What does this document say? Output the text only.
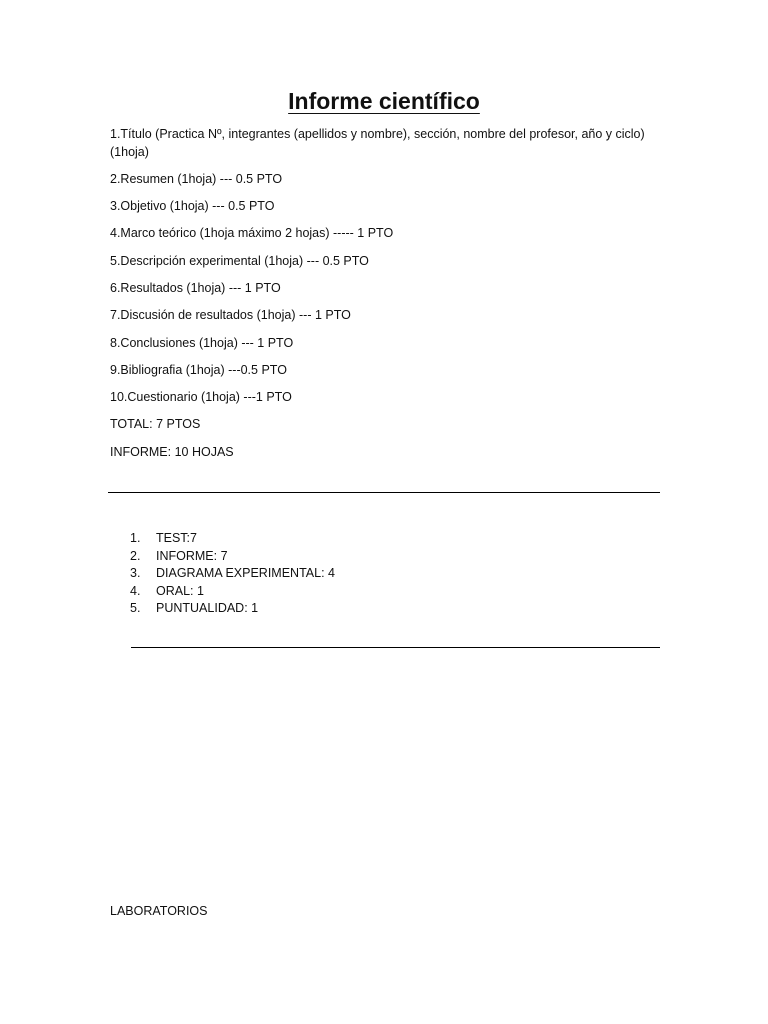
Informe científico

1.Título (Practica Nº, integrantes (apellidos y nombre), sección, nombre del profesor, año y ciclo) (1hoja)

2.Resumen (1hoja) --- 0.5 PTO

3.Objetivo (1hoja) --- 0.5 PTO

4.Marco teórico (1hoja máximo 2 hojas) ----- 1 PTO

5.Descripción experimental (1hoja) --- 0.5 PTO

6.Resultados (1hoja) --- 1 PTO

7.Discusión de resultados (1hoja) --- 1 PTO

8.Conclusiones (1hoja) --- 1 PTO

9.Bibliografia (1hoja) ---0.5 PTO

10.Cuestionario (1hoja) ---1 PTO

TOTAL: 7 PTOS

INFORME: 10 HOJAS

1.	TEST:7
2.	INFORME: 7
3.	DIAGRAMA EXPERIMENTAL: 4
4.	ORAL: 1
5.	PUNTUALIDAD: 1

LABORATORIOS
